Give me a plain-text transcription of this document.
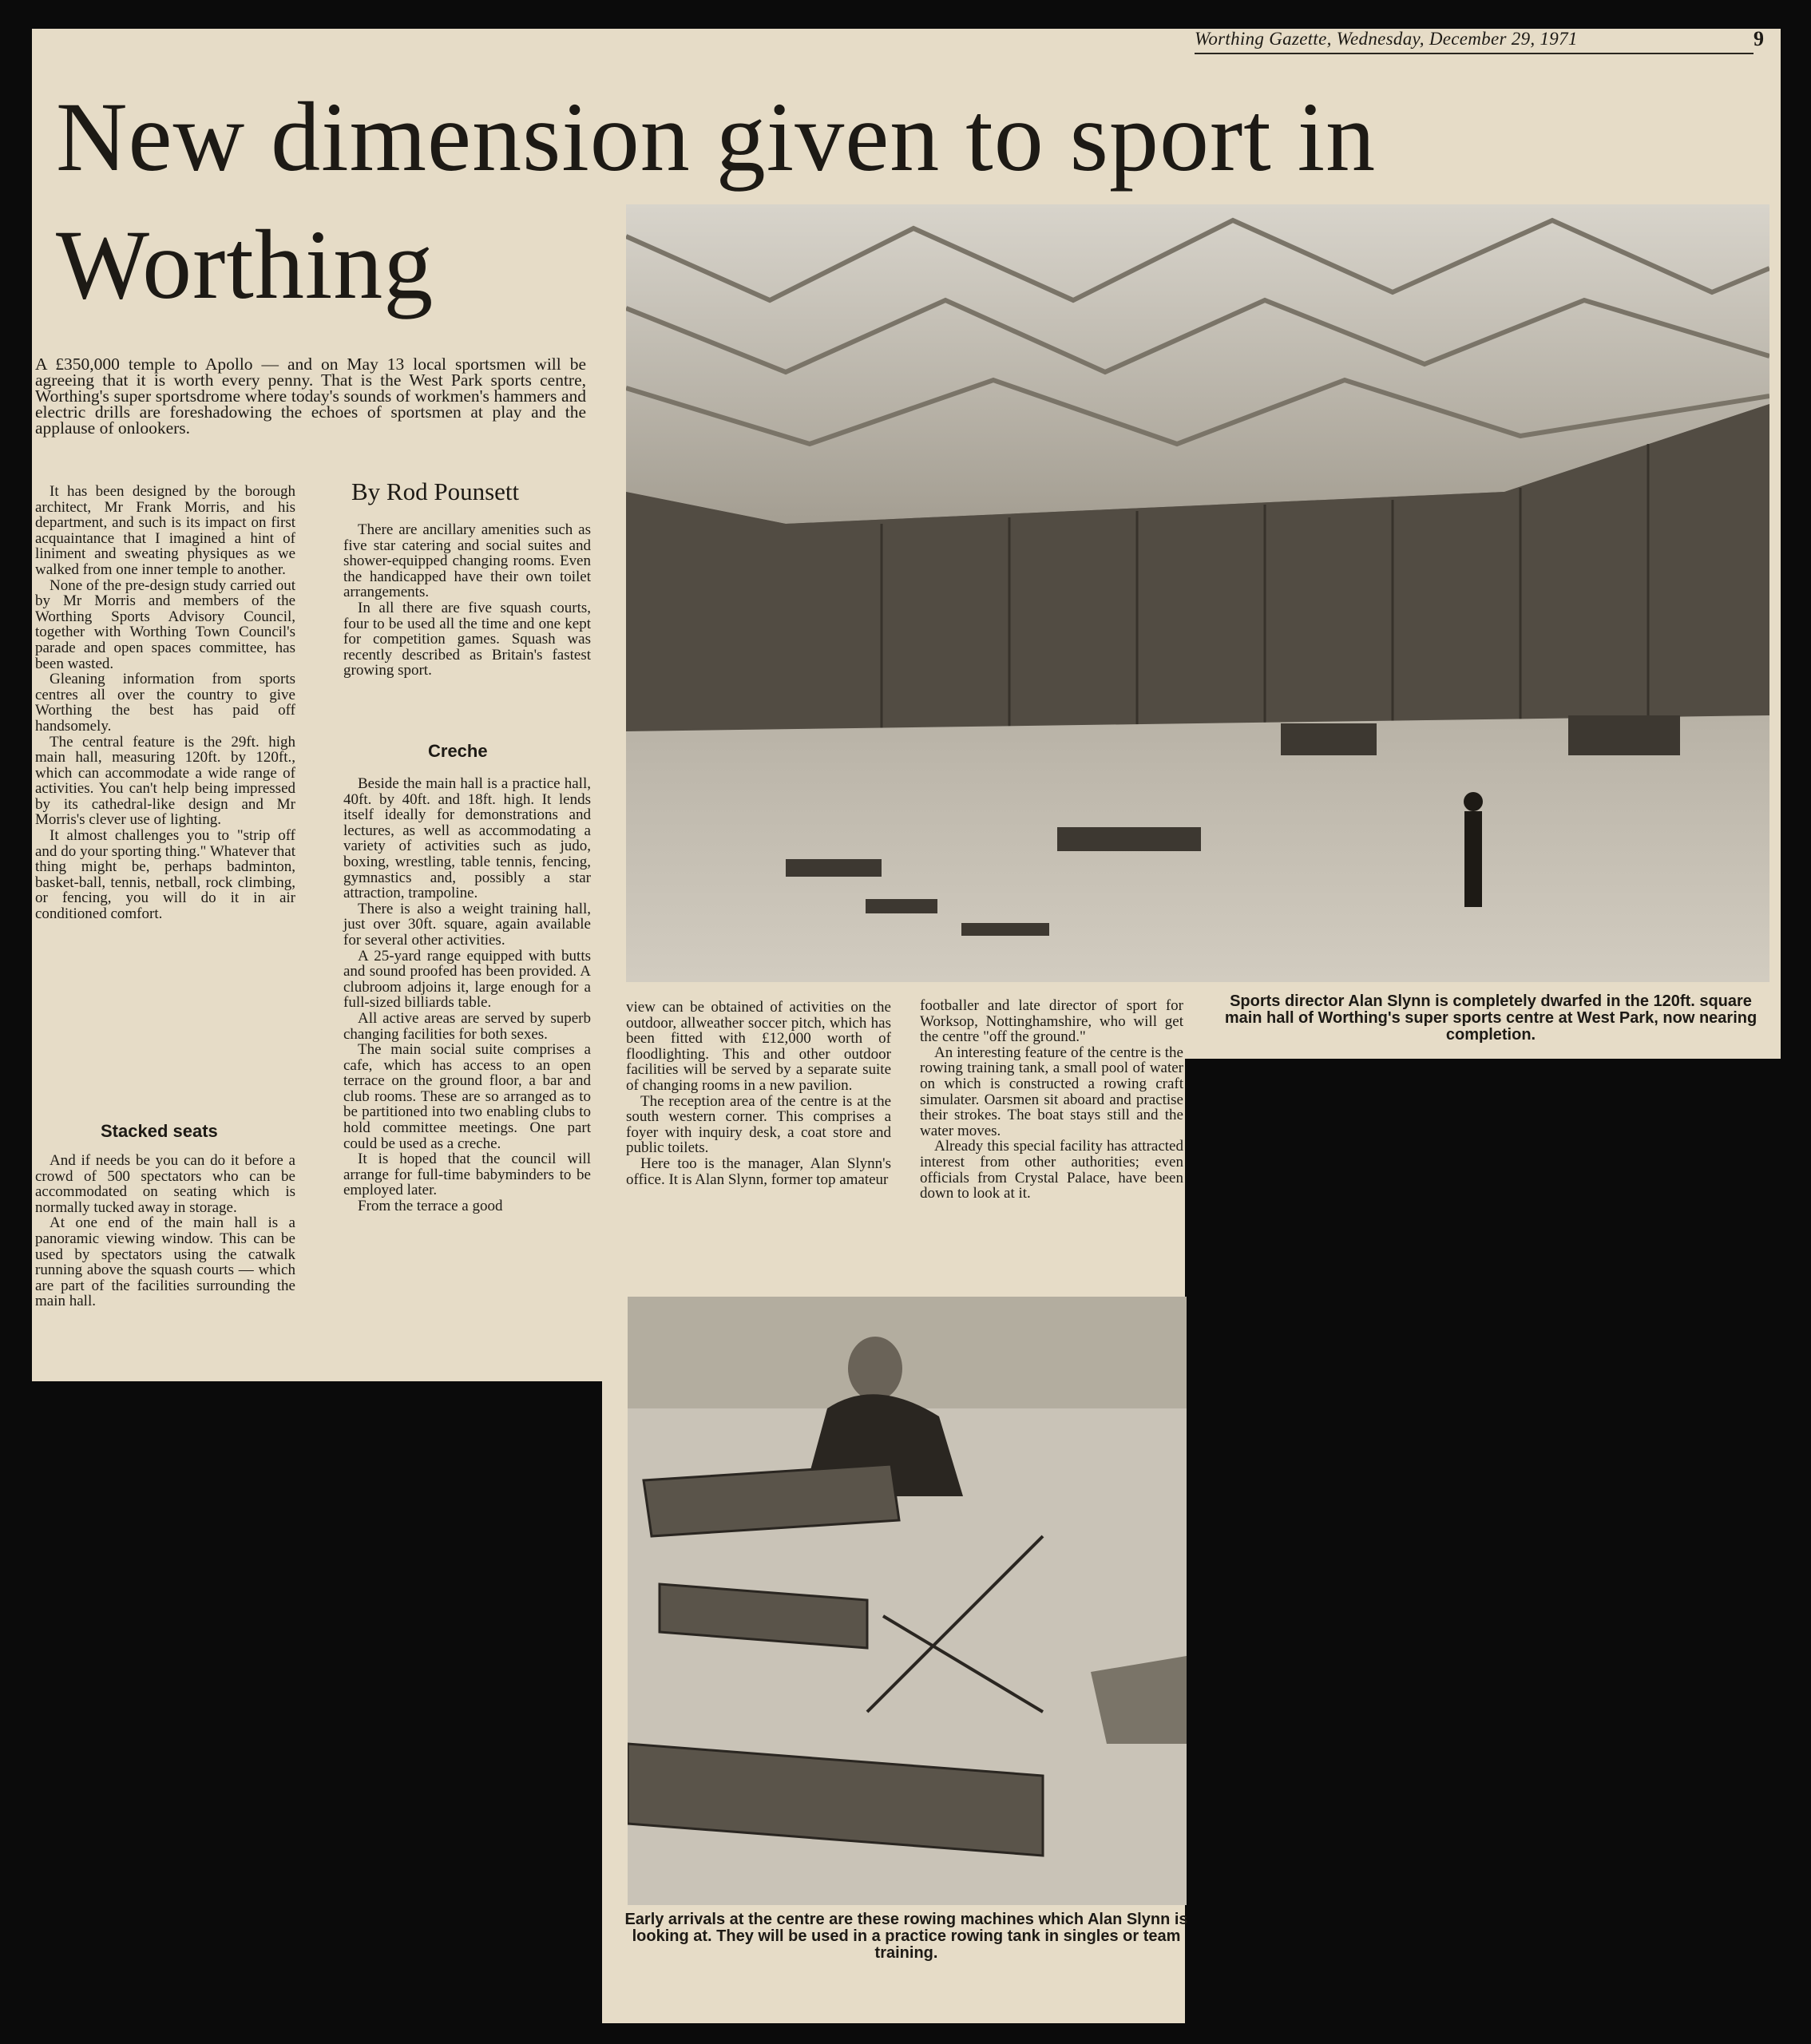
Worthing Gazette, Wednesday, December 29, 1971	9
New dimension given to sport in Worthing
A £350,000 temple to Apollo — and on May 13 local sportsmen will be agreeing that it is worth every penny. That is the West Park sports centre, Worthing's super sportsdrome where today's sounds of workmen's hammers and electric drills are foreshadowing the echoes of sportsmen at play and the applause of onlookers.
By Rod Pounsett

It has been designed by the borough architect, Mr Frank Morris, and his department, and such is its impact on first acquaintance that I imagined a hint of liniment and sweating physiques as we walked from one inner temple to another.

None of the pre-design study carried out by Mr Morris and members of the Worthing Sports Advisory Council, together with Worthing Town Council's parade and open spaces committee, has been wasted.

Gleaning information from sports centres all over the country to give Worthing the best has paid off handsomely.

The central feature is the 29ft. high main hall, measuring 120ft. by 120ft., which can accommodate a wide range of activities. You can't help being impressed by its cathedral-like design and Mr Morris's clever use of lighting.

It almost challenges you to "strip off and do your sporting thing." Whatever that thing might be, perhaps badminton, basket-ball, tennis, netball, rock climbing, or fencing, you will do it in air conditioned comfort.

Stacked seats

And if needs be you can do it before a crowd of 500 spectators who can be accommodated on seating which is normally tucked away in storage.

At one end of the main hall is a panoramic viewing window. This can be used by spectators using the catwalk running above the squash courts — which are part of the facilities surrounding the main hall.

There are ancillary amenities such as five star catering and social suites and shower-equipped changing rooms. Even the handicapped have their own toilet arrangements.

In all there are five squash courts, four to be used all the time and one kept for competition games. Squash was recently described as Britain's fastest growing sport.

Creche

Beside the main hall is a practice hall, 40ft. by 40ft. and 18ft. high. It lends itself ideally for demonstrations and lectures, as well as accommodating a variety of activities such as judo, boxing, wrestling, table tennis, fencing, gymnastics and, possibly a star attraction, trampoline.

There is also a weight training hall, just over 30ft. square, again available for several other activities.

A 25-yard range equipped with butts and sound proofed has been provided. A clubroom adjoins it, large enough for a full-sized billiards table.

All active areas are served by superb changing facilities for both sexes.

The main social suite comprises a cafe, which has access to an open terrace on the ground floor, a bar and club rooms. These are so arranged as to be partitioned into two enabling clubs to hold committee meetings. One part could be used as a creche.

It is hoped that the council will arrange for full-time babyminders to be employed later.

From the terrace a good

view can be obtained of activities on the outdoor, allweather soccer pitch, which has been fitted with £12,000 worth of floodlighting. This and other outdoor facilities will be served by a separate suite of changing rooms in a new pavilion.

The reception area of the centre is at the south western corner. This comprises a foyer with inquiry desk, a coat store and public toilets.

Here too is the manager, Alan Slynn's office. It is Alan Slynn, former top amateur

footballer and late director of sport for Worksop, Nottinghamshire, who will get the centre "off the ground."

An interesting feature of the centre is the rowing training tank, a small pool of water on which is constructed a rowing craft simulater. Oarsmen sit aboard and practise their strokes. The boat stays still and the water moves.

Already this special facility has attracted interest from other authorities; even officials from Crystal Palace, have been down to look at it.

Sports director Alan Slynn is completely dwarfed in the 120ft. square main hall of Worthing's super sports centre at West Park, now nearing completion.
Early arrivals at the centre are these rowing machines which Alan Slynn is looking at. They will be used in a practice rowing tank in singles or team training.
